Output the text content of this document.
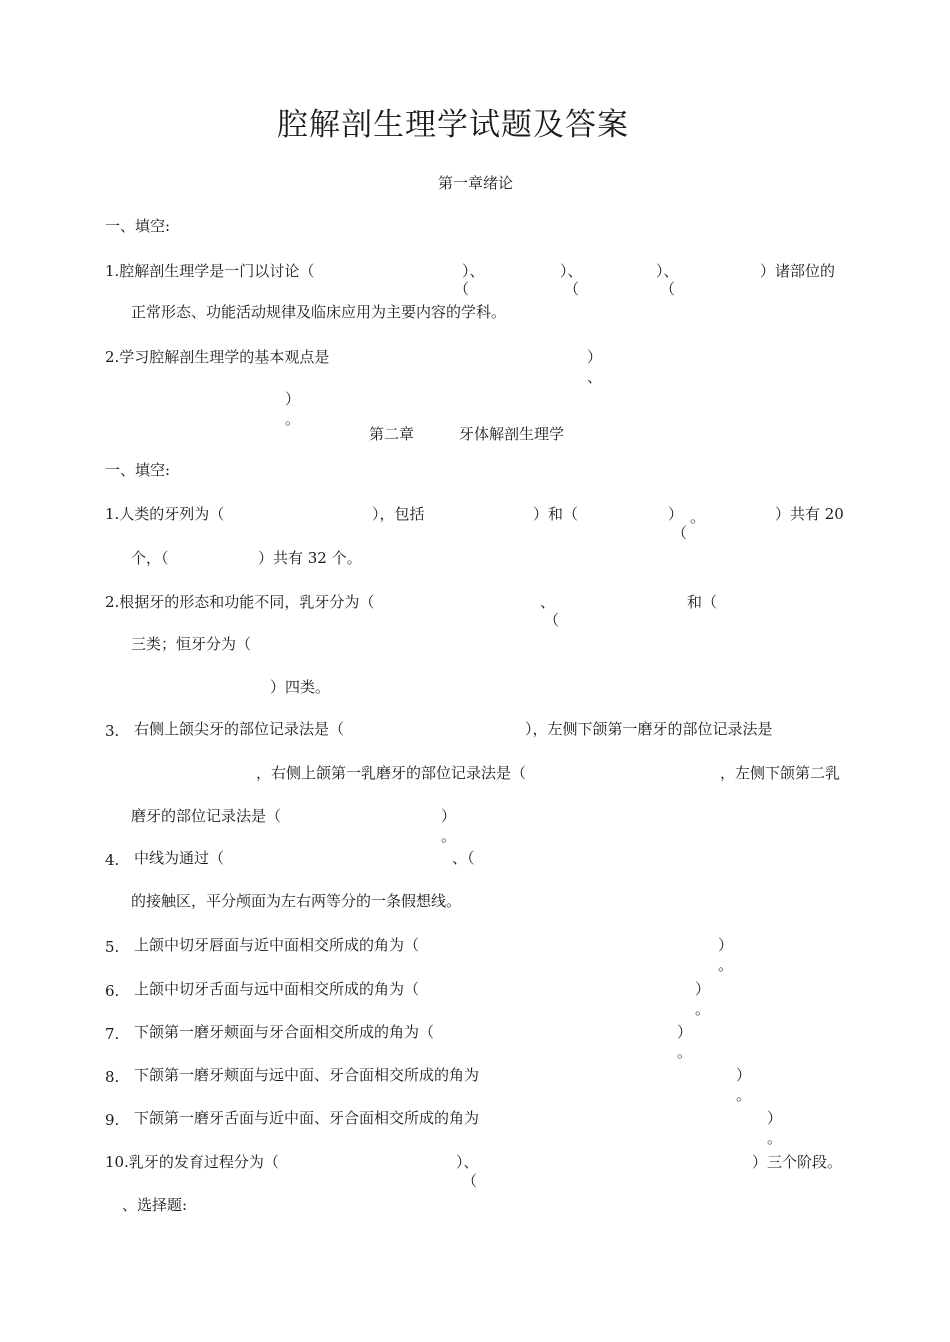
腔解剖生理学试题及答案
第一章绪论
一、填空:
1.腔解剖生理学是一门以讨论（	）、	）、	）、	）诸部位的
（	（	（
正常形态、功能活动规律及临床应用为主要内容的学科。
2.学习腔解剖生理学的基本观点是	）
、
）
。
第二章	牙体解剖生理学
一、填空:
1.人类的牙列为（	），包括	）和（	） 。	）共有 20
（
个，（	）共有 32 个。
2.根据牙的形态和功能不同，乳牙分为（	、	和（
（
三类；恒牙分为（
）四类。
3. 右侧上颌尖牙的部位记录法是（	），左侧下颌第一磨牙的部位记录法是
，右侧上颌第一乳磨牙的部位记录法是（	，左侧下颌第二乳
磨牙的部位记录法是（	）
。
4. 中线为通过（	、（
的接触区，平分颅面为左右两等分的一条假想线。
5. 上颌中切牙唇面与近中面相交所成的角为（	）
。
6. 上颌中切牙舌面与远中面相交所成的角为（	）
。
7. 下颌第一磨牙颊面与牙合面相交所成的角为（	）
。
8. 下颌第一磨牙颊面与远中面、牙合面相交所成的角为	）
。
9. 下颌第一磨牙舌面与近中面、牙合面相交所成的角为	）
。
10.乳牙的发育过程分为（	）、	）三个阶段。
（
、选择题:
